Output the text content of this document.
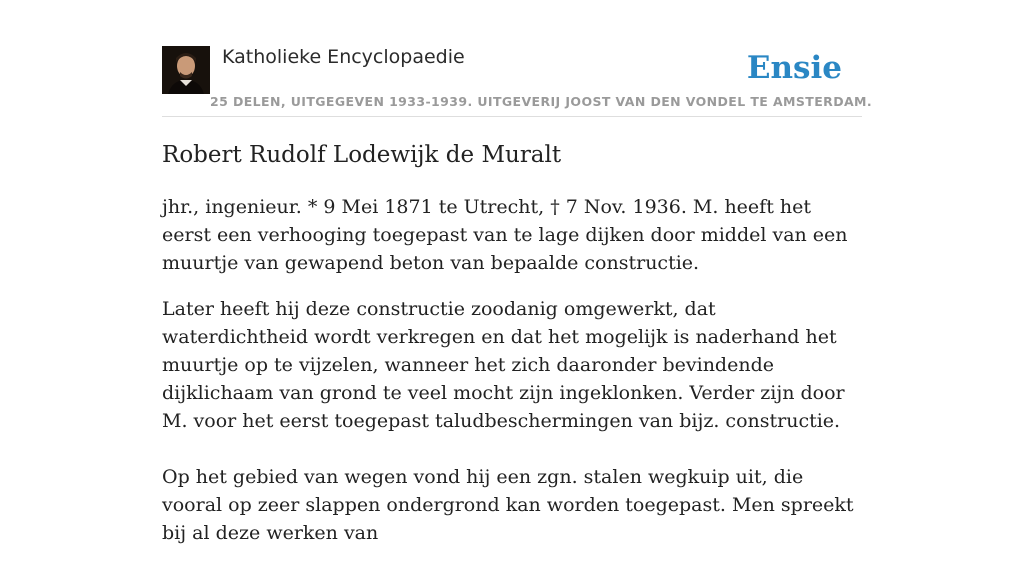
Katholieke Encyclopaedie	Ensie
25 DELEN, UITGEGEVEN 1933-1939. UITGEVERIJ JOOST VAN DEN VONDEL TE AMSTERDAM.
Robert Rudolf Lodewijk de Muralt

jhr., ingenieur. * 9 Mei 1871 te Utrecht, † 7 Nov. 1936. M. heeft het eerst een verhooging toegepast van te lage dijken door middel van een muurtje van gewapend beton van bepaalde constructie.

Later heeft hij deze constructie zoodanig omgewerkt, dat waterdichtheid wordt verkregen en dat het mogelijk is naderhand het muurtje op te vijzelen, wanneer het zich daaronder bevindende dijklichaam van grond te veel mocht zijn ingeklonken. Verder zijn door M. voor het eerst toegepast taludbeschermingen van bijz. constructie.

Op het gebied van wegen vond hij een zgn. stalen wegkuip uit, die vooral op zeer slappen ondergrond kan worden toegepast. Men spreekt bij al deze werken van
